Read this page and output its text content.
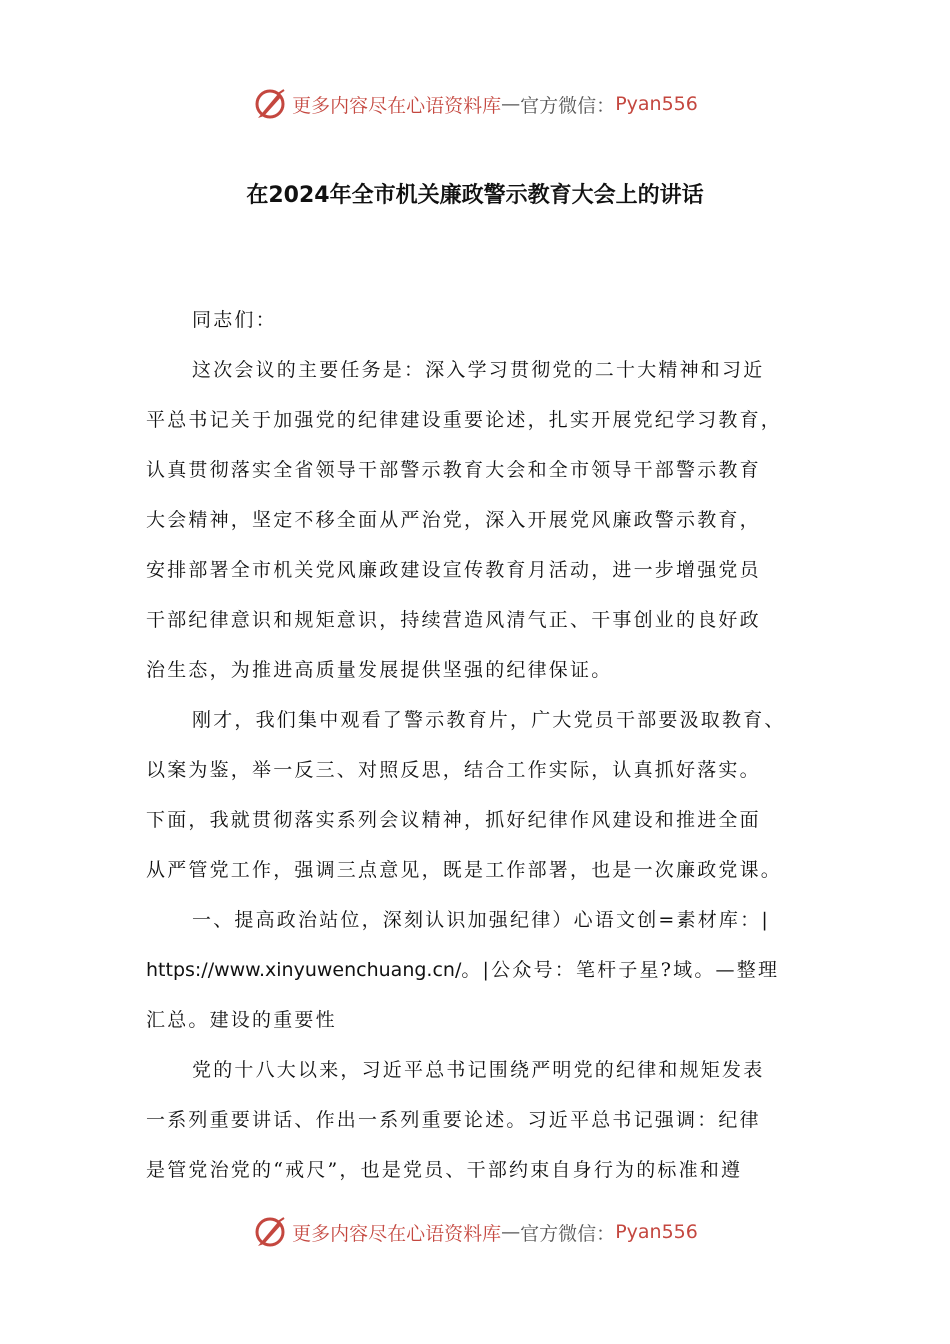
更多内容尽在心语资料库 — 官方微信： Pyan556
在2024年全市机关廉政警示教育大会上的讲话
同志们：
这次会议的主要任务是：深入学习贯彻党的二十大精神和习近
平总书记关于加强党的纪律建设重要论述，扎实开展党纪学习教育，
认真贯彻落实全省领导干部警示教育大会和全市领导干部警示教育
大会精神，坚定不移全面从严治党，深入开展党风廉政警示教育，
安排部署全市机关党风廉政建设宣传教育月活动，进一步增强党员
干部纪律意识和规矩意识，持续营造风清气正、干事创业的良好政
治生态，为推进高质量发展提供坚强的纪律保证。
刚才，我们集中观看了警示教育片，广大党员干部要汲取教育、
以案为鉴，举一反三、对照反思，结合工作实际，认真抓好落实。
下面，我就贯彻落实系列会议精神，抓好纪律作风建设和推进全面
从严管党工作，强调三点意见，既是工作部署，也是一次廉政党课。
一、提高政治站位，深刻认识加强纪律）心语文创=素材库：|
https://www.xinyuwenchuang.cn/。|公众号：笔杆子星?域。—整理
汇总。建设的重要性
党的十八大以来，习近平总书记围绕严明党的纪律和规矩发表
一系列重要讲话、作出一系列重要论述。习近平总书记强调：纪律
是管党治党的“戒尺”，也是党员、干部约束自身行为的标准和遵
更多内容尽在心语资料库 — 官方微信： Pyan556
